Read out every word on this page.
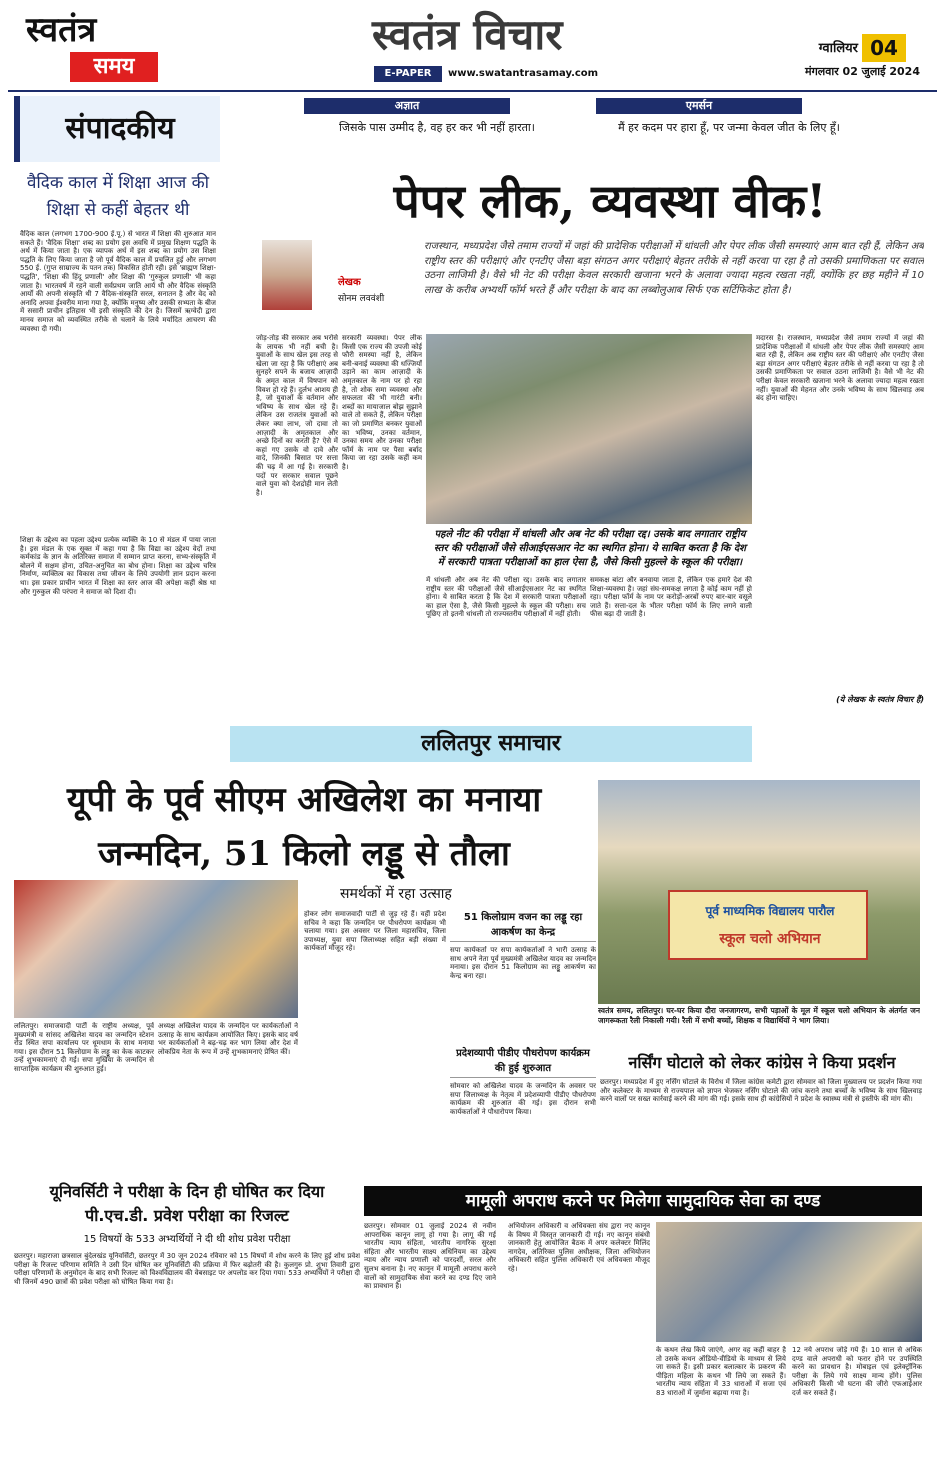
स्वतंत्र
समय
स्वतंत्र विचार
E-PAPER	www.swatantrasamay.com
ग्वालियर 04
मंगलवार 02 जुलाई 2024
संपादकीय
वैदिक काल में शिक्षा आज की शिक्षा से कहीं बेहतर थी
वैदिक काल (लगभग 1700-900 ई.पू.) से भारत में शिक्षा की शुरुआत मान सकते हैं। 'वैदिक शिक्षा' शब्द का प्रयोग इस अवधि में प्रमुख शिक्षण पद्धति के अर्थ में किया जाता है। एक व्यापक अर्थ में इस शब्द का प्रयोग उस शिक्षा पद्धति के लिए किया जाता है जो पूर्व वैदिक काल में प्रचलित हुई और लगभग 550 ई. (गुप्त साम्राज्य के पतन तक) विकसित होती रही। इसे 'ब्राह्मण शिक्षा-पद्धति', 'शिक्षा की हिंदू प्रणाली' और शिक्षा की 'गुरुकुल प्रणाली' भी कहा जाता है। भारतवर्ष में रहने वाली सर्वप्रथम जाति आर्य थी और वैदिक संस्कृति आर्यों की अपनी संस्कृति थी 7 वैदिक-संस्कृति सरल, सनातन है और वेद को अनादि अपवा ईश्वरीय माना गया है, क्योंकि मनुष्य और उसकी सभ्यता के बीज में ससारी प्राचीन इतिहास भी इसी संस्कृति की देन है। जिसमें ऋग्वेदी द्वारा मानव समाज को व्यवस्थित तरीके से चलाने के लिये मर्यादित आचरण की व्यवस्था दी गयी।
शिक्षा के उद्देश्य का पहला उद्देश्य प्रत्येक व्यक्ति के 10 से मंडल में पाया जाता है। इस मंडल के एक सूक्त में कहा गया है कि विद्या का उद्देश्य वेदों तथा कर्मकांड के ज्ञान के अतिरिक्त समाज में सम्मान प्राप्त करना, सभ्य-संस्कृति में बोलने में सक्षम होना, उचित-अनुचित का बोध होना। शिक्षा का उद्देश्य चरित्र निर्माण, व्यक्तित्व का विकास तथा जीवन के लिये उपयोगी ज्ञान प्रदान करना था। इस प्रकार प्राचीन भारत में शिक्षा का स्तर आज की अपेक्षा कहीं श्रेष्ठ था और गुरुकुल की परंपरा ने समाज को दिशा दी।
अज्ञात
जिसके पास उम्मीद है, वह हर कर भी नहीं हारता।
एमर्सन
मैं हर कदम पर हारा हूँ, पर जन्मा केवल जीत के लिए हूँ।
पेपर लीक, व्यवस्था वीक!
लेखक
सोनम लववंशी
राजस्थान, मध्यप्रदेश जैसे तमाम राज्यों में जहां की प्रादेशिक परीक्षाओं में धांधली और पेपर लीक जैसी समस्याएं आम बात रही हैं, लेकिन अब राष्ट्रीय स्तर की परीक्षाएं और एनटीए जैसा बड़ा संगठन अगर परीक्षाएं बेहतर तरीके से नहीं करवा पा रहा है तो उसकी प्रमाणिकता पर सवाल उठना लाजिमी है। वैसे भी नेट की परीक्षा केवल सरकारी खजाना भरने के अलावा ज्यादा महत्व रखता नहीं, क्योंकि हर छह महीने में 10 लाख के करीब अभ्यर्थी फॉर्म भरते हैं और परीक्षा के बाद का लब्बोलुआब सिर्फ एक सर्टिफिकेट होता है।
जोड़-तोड़ की सरकार अब भरोसे के लायक भी नहीं बची है। युवाओं के साथ खेल इस तरह से खेला जा रहा है कि परीक्षाएं अब सुनहरे सपने के बजाय आज़ादी के अमृत काल में विषपान को विवश हो रहे हैं। दुर्लभ आशय ही है, जो युवाओं के वर्तमान और भविष्य के साथ खेल रहे हैं। लेकिन उस राजतंत्र युवाओं को लेकर क्या लाभ, जो दावा तो आज़ादी के अमृतकाल और अच्छे दिनों का करती है? ऐसे में कहां गए उसके वो दावे और वादे, जिनकी बिसात पर सत्ता की चढ़ में आ गई है। सरकारी पदों पर सरकार सवाल पूछने वाले युवा को देशद्रोही मान लेती है।
सरकारी व्यवस्था। पेपर लीक किसी एक राज्य की उपजी कोई फौरी समस्या नहीं है, लेकिन बनी-बनाई व्यवस्था की धज्जियाँ उड़ाने का काम आज़ादी के अमृतकाल के नाम पर हो रहा है, तो शोक समा व्यवस्था और सफलता की भी गारंटी बनी। शब्दों का मायाजाल बोझ सुझाने वाले तो सकते हैं, लेकिन परीक्षा का जो प्रमाणित बनकर युवाओं का भविष्य, उनका वर्तमान, उनका समय और उनका परीक्षा फॉर्म के नाम पर पैसा बर्बाद किया जा रहा उसके कहीं कम है।
पहले नीट की परीक्षा में धांधली और अब नेट की परीक्षा रद्द। उसके बाद लगातार राष्ट्रीय स्तर की परीक्षाओं जैसे सीआईएसआर नेट का स्थगित होना। ये साबित करता है कि देश में सरकारी पात्रता परीक्षाओं का हाल ऐसा है, जैसे किसी मुहल्ले के स्कूल की परीक्षा।
में धांधली और अब नेट की परीक्षा रद्द। उसके बाद लगातार राष्ट्रीय स्तर की परीक्षाओं जैसे सीआईएसआर नेट का स्थगित होना। ये साबित करता है कि देश में सरकारी पात्रता परीक्षाओं का हाल ऐसा है, जैसे किसी मुहल्ले के स्कूल की परीक्षा। सच पूछिए तो इतनी धांधली तो राज्यस्तरीय परीक्षाओं में नहीं होती।
समकक्ष बांटा और बनवाया जाता है, लेकिन एक हमारे देश की शिक्षा-व्यवस्था है। जहां संघ-समकक्ष लगता है कोई काम नहीं हो रहा। परीक्षा फॉर्म के नाम पर करोड़ों-अरबों रुपए बार-बार वसूले जाते हैं। सत्ता-दल के भीतर परीक्षा फॉर्म के लिए लगने वाली फीस बढ़ा दी जाती है।
मदारस है। राजस्थान, मध्यप्रदेश जैसे तमाम राज्यों में जहां की प्रादेशिक परीक्षाओं में धांधली और पेपर लीक जैसी समस्याएं आम बात रही हैं, लेकिन अब राष्ट्रीय स्तर की परीक्षाएं और एनटीए जैसा बड़ा संगठन अगर परीक्षाएं बेहतर तरीके से नहीं करवा पा रहा है तो उसकी प्रमाणिकता पर सवाल उठना लाजिमी है। वैसे भी नेट की परीक्षा केवल सरकारी खजाना भरने के अलावा ज्यादा महत्व रखता नहीं। युवाओं की मेहनत और उनके भविष्य के साथ खिलवाड़ अब बंद होना चाहिए।
(ये लेखक के स्वतंत्र विचार हैं)
ललितपुर समाचार
यूपी के पूर्व सीएम अखिलेश का मनाया
जन्मदिन, 51 किलो लड्डू से तौला
समर्थकों में रहा उत्साह
ललितपुर। समाजवादी पार्टी के राष्ट्रीय अध्यक्ष, पूर्व मुख्यमंत्री व सांसद अखिलेश यादव का जन्मदिन स्टेशन रोड स्थित सपा कार्यालय पर धूमधाम के साथ मनाया गया। इस दौरान 51 किलोग्राम के लड्डू का केक काटकर उन्हें शुभकामनाएं दी गईं। सपा मुखिया के जन्मदिन से साप्ताहिक कार्यक्रम की शुरुआत हुई।
अध्यक्ष अखिलेश यादव के जन्मदिन पर कार्यकर्ताओं ने उत्साह के साथ कार्यक्रम आयोजित किए। इसके बाद वर्ष भर कार्यकर्ताओं ने बढ़-चढ़ कर भाग लिया और देश में लोकप्रिय नेता के रूप में उन्हें शुभकामनाएं प्रेषित कीं।
होकर लोग समाजवादी पार्टी से जुड़ रहे हैं। वहीं प्रदेश सचिव ने कहा कि जन्मदिन पर पौधरोपण कार्यक्रम भी चलाया गया। इस अवसर पर जिला महासचिव, जिला उपाध्यक्ष, युवा सपा जिलाध्यक्ष सहित बड़ी संख्या में कार्यकर्ता मौजूद रहे।
51 किलोग्राम वजन का लड्डू रहा आकर्षण का केन्द्र
सपा कार्यकर्ता पर सपा कार्यकर्ताओं ने भारी उत्साह के साथ अपने नेता पूर्व मुख्यमंत्री अखिलेश यादव का जन्मदिन मनाया। इस दौरान 51 किलोग्राम का लड्डू आकर्षण का केन्द्र बना रहा।
प्रदेशव्यापी पीडीए पौधरोपण कार्यक्रम की हुई शुरुआत
सोमवार को अखिलेश यादव के जन्मदिन के अवसर पर सपा जिलाध्यक्ष के नेतृत्व में प्रदेशव्यापी पीडीए पौधरोपण कार्यक्रम की शुरुआत की गई। इस दौरान सभी कार्यकर्ताओं ने पौधारोपण किया।
पूर्व माध्यमिक विद्यालय पारौल
स्कूल चलो अभियान
स्वतंत्र समय, ललितपुर। घर-घर किया दौरा जनजागरण, सभी पड़ाओं के मूल में स्कूल चलो अभियान के अंतर्गत जन जागरूकता रैली निकाली गयी। रैली में सभी बच्चों, शिक्षक व विद्यार्थियों ने भाग लिया।
नर्सिंग घोटाले को लेकर कांग्रेस ने किया प्रदर्शन
छतरपुर। मध्यप्रदेश में हुए नर्सिंग घोटाले के विरोध में जिला कांग्रेस कमेटी द्वारा सोमवार को जिला मुख्यालय पर प्रदर्शन किया गया और कलेक्टर के माध्यम से राज्यपाल को ज्ञापन भेजकर नर्सिंग घोटाले की जांच कराने तथा बच्चों के भविष्य के साथ खिलवाड़ करने वालों पर सख्त कार्रवाई करने की मांग की गई। इसके साथ ही कांग्रेसियों ने प्रदेश के स्वास्थ्य मंत्री से इस्तीफे की मांग की।
यूनिवर्सिटी ने परीक्षा के दिन ही घोषित कर दिया
पी.एच.डी. प्रवेश परीक्षा का रिजल्ट
15 विषयों के 533 अभ्यर्थियों ने दी थी शोध प्रवेश परीक्षा
छतरपुर। महाराजा छत्रसाल बुंदेलखंड यूनिवर्सिटी, छतरपुर में 30 जून 2024 रविवार को 15 विषयों में शोध करने के लिए हुई शोध प्रवेश परीक्षा के रिजल्ट परिणाम समिति ने उसी दिन घोषित कर यूनिवर्सिटी की प्रक्रिया में फिर बढ़ोतरी की है। कुलगुरु प्रो. शुभा तिवारी द्वारा परीक्षा परिणामों के अनुमोदन के बाद सभी रिजल्ट को विश्वविद्यालय की वेबसाइट पर अपलोड कर दिया गया। 533 अभ्यर्थियों ने परीक्षा दी थी जिनमें 490 छात्रों की प्रवेश परीक्षा को घोषित किया गया है।
मामूली अपराध करने पर मिलेगा सामुदायिक सेवा का दण्ड
छतरपुर। सोमवार 01 जुलाई 2024 से नवीन आपराधिक कानून लागू हो गया है। लागू की गई भारतीय न्याय संहिता, भारतीय नागरिक सुरक्षा संहिता और भारतीय साक्ष्य अधिनियम का उद्देश्य न्याय और न्याय प्रणाली को पारदर्शी, सरल और सुलभ बनाना है। नए कानून में मामूली अपराध करने वालों को सामुदायिक सेवा करने का दण्ड दिए जाने का प्रावधान है।
अभियोजन अधिकारी व अधिवक्ता संघ द्वारा नए कानून के विषय में विस्तृत जानकारी दी गई। नए कानून संबंधी जानकारी हेतु आयोजित बैठक में अपर कलेक्टर मिलिंद नागदेव, अतिरिक्त पुलिस अधीक्षक, जिला अभियोजन अधिकारी सहित पुलिस अधिकारी एवं अधिवक्ता मौजूद रहे।
के कथन लेख किये जाएंगे, अगर वह कहीं बाहर है तो उसके कथन ऑडियो-वीडियो के माध्यम से लिये जा सकते हैं। इसी प्रकार बलात्कार के प्रकरण की पीड़िता महिला के कथन भी लिये जा सकते हैं। भारतीय न्याय संहिता में 33 धाराओं में सजा एवं 83 धाराओं में जुर्माना बढ़ाया गया है।
12 नये अपराध जोड़े गये हैं। 10 साल से अधिक दण्ड वाले अपराधी को फरार होने पर उपस्थिति करने का प्रावधान है। मोबाइल एवं इलेक्ट्रॉनिक परीक्षा के लिये गये साक्ष्य मान्य होंगे। पुलिस अधिकारी किसी भी घटना की जीरो एफआईआर दर्ज कर सकते हैं।
